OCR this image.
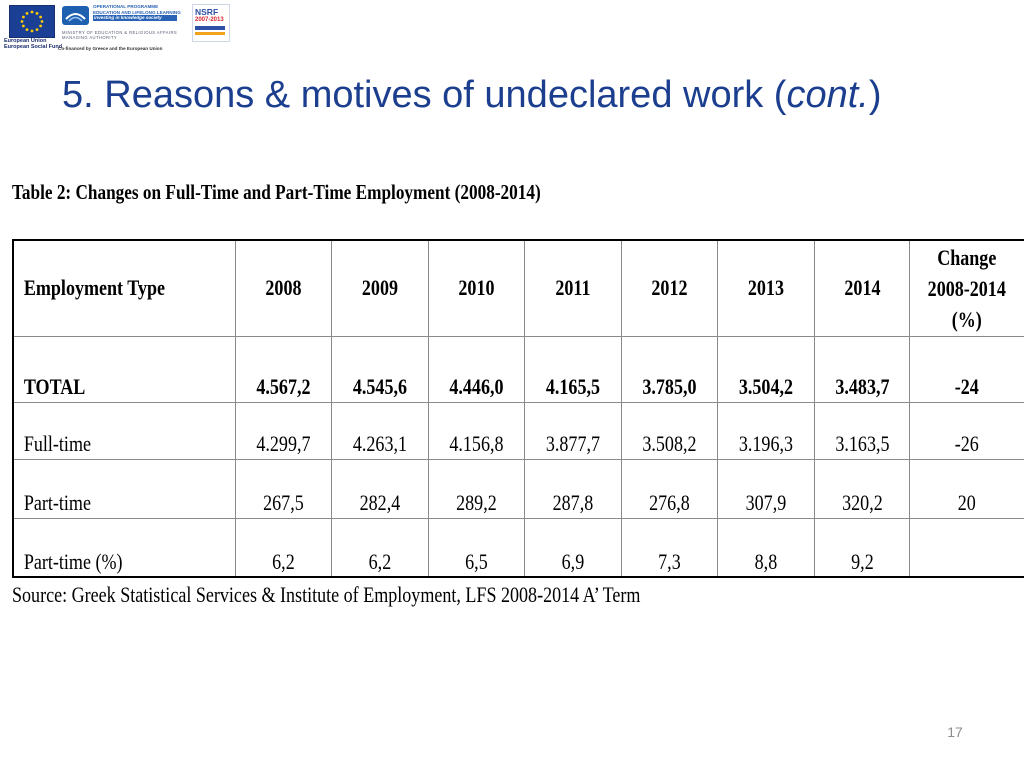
European Union
European Social Fund
OPERATIONAL PROGRAMME
EDUCATION AND LIFELONG LEARNING
investing in knowledge society
MINISTRY OF EDUCATION & RELIGIOUS AFFAIRS
MANAGING AUTHORITY
Co-financed by Greece and the European Union
NSRF
2007-2013
5. Reasons & motives of undeclared work (cont.)

Table 2: Changes on Full-Time and Part-Time Employment (2008-2014)

Employment Type	2008	2009	2010	2011	2012	2013	2014	Change
2008-2014
(%)

TOTAL	4.567,2	4.545,6	4.446,0	4.165,5	3.785,0	3.504,2	3.483,7	-24

Full-time	4.299,7	4.263,1	4.156,8	3.877,7	3.508,2	3.196,3	3.163,5	-26

Part-time	267,5	282,4	289,2	287,8	276,8	307,9	320,2	20

Part-time (%)	6,2	6,2	6,5	6,9	7,3	8,8	9,2	

Source: Greek Statistical Services & Institute of Employment, LFS 2008-2014 A’ Term

17
